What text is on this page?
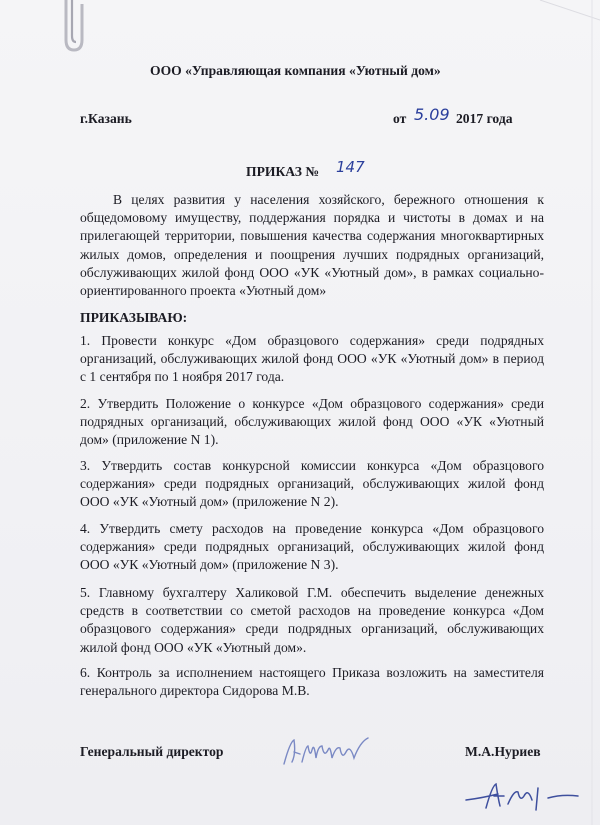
ООО «Управляющая компания «Уютный дом»
г.Казань	от 5.09 2017 года
ПРИКАЗ № 147
В целях развития у населения хозяйского, бережного отношения к общедомовому имуществу, поддержания порядка и чистоты в домах и на прилегающей территории, повышения качества содержания многоквартирных жилых домов, определения и поощрения лучших подрядных организаций, обслуживающих жилой фонд ООО «УК «Уютный дом», в рамках социально-ориентированного проекта «Уютный дом»
ПРИКАЗЫВАЮ:
1. Провести конкурс «Дом образцового содержания» среди подрядных организаций, обслуживающих жилой фонд ООО «УК «Уютный дом» в период с 1 сентября по 1 ноября 2017 года.
2. Утвердить Положение о конкурсе «Дом образцового содержания» среди подрядных организаций, обслуживающих жилой фонд ООО «УК «Уютный дом» (приложение N 1).
3. Утвердить состав конкурсной комиссии конкурса «Дом образцового содержания» среди подрядных организаций, обслуживающих жилой фонд ООО «УК «Уютный дом» (приложение N 2).
4. Утвердить смету расходов на проведение конкурса «Дом образцового содержания» среди подрядных организаций, обслуживающих жилой фонд ООО «УК «Уютный дом» (приложение N 3).
5. Главному бухгалтеру Халиковой Г.М. обеспечить выделение денежных средств в соответствии со сметой расходов на проведение конкурса «Дом образцового содержания» среди подрядных организаций, обслуживающих жилой фонд ООО «УК «Уютный дом».
6. Контроль за исполнением настоящего Приказа возложить на заместителя генерального директора Сидорова М.В.
Генеральный директор	М.А.Нуриев
